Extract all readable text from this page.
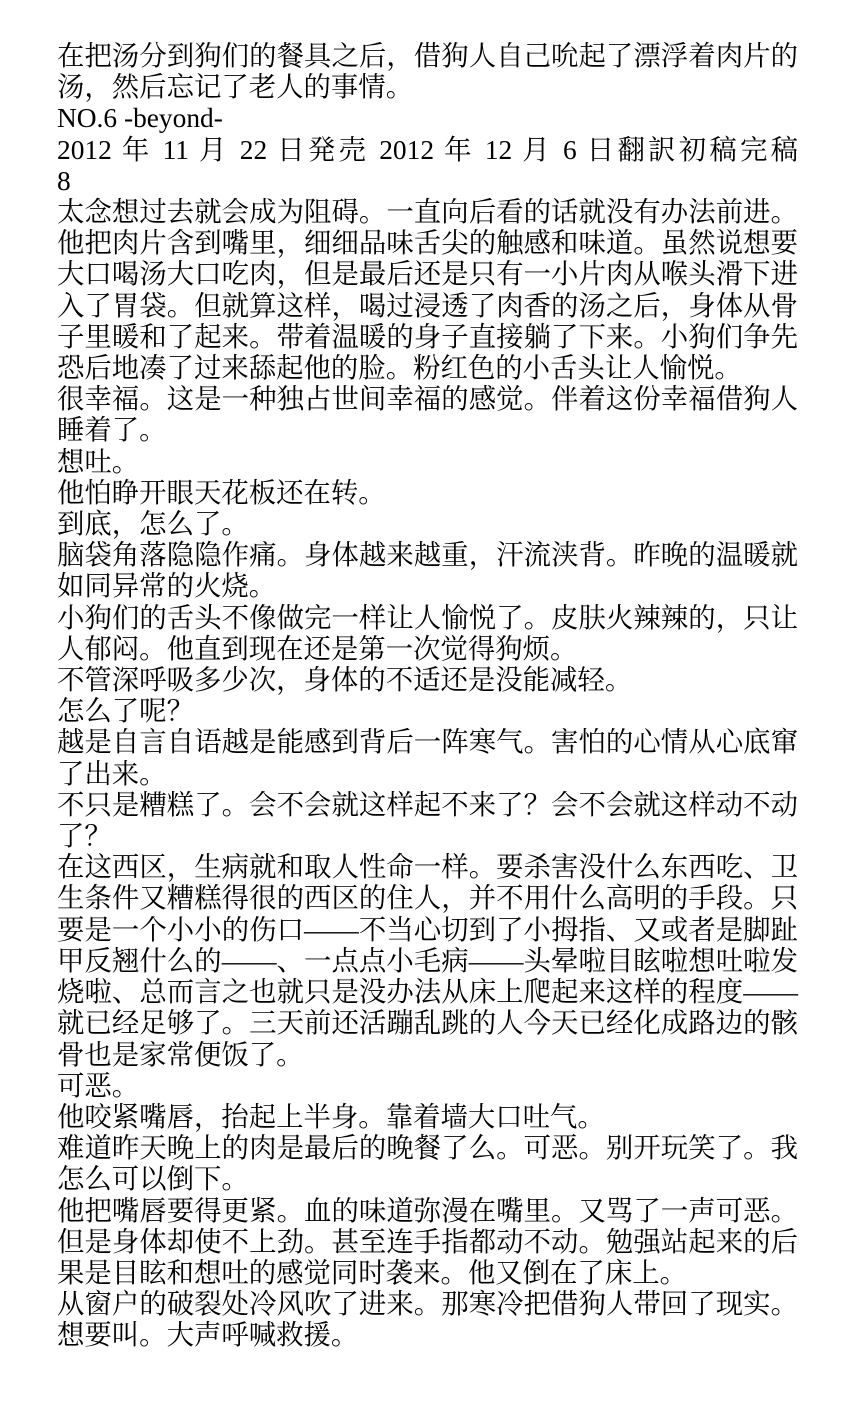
在把汤分到狗们的餐具之后，借狗人自己吮起了漂浮着肉片的
汤，然后忘记了老人的事情。
NO.6 -beyond-
2012 年 11 月 22 日発売 2012 年 12 月 6 日翻訳初稿完稿
8
太念想过去就会成为阻碍。一直向后看的话就没有办法前进。
他把肉片含到嘴里，细细品味舌尖的触感和味道。虽然说想要
大口喝汤大口吃肉，但是最后还是只有一小片肉从喉头滑下进
入了胃袋。但就算这样，喝过浸透了肉香的汤之后，身体从骨
子里暖和了起来。带着温暖的身子直接躺了下来。小狗们争先
恐后地凑了过来舔起他的脸。粉红色的小舌头让人愉悦。
很幸福。这是一种独占世间幸福的感觉。伴着这份幸福借狗人
睡着了。
想吐。
他怕睁开眼天花板还在转。
到底，怎么了。
脑袋角落隐隐作痛。身体越来越重，汗流浃背。昨晚的温暖就
如同异常的火烧。
小狗们的舌头不像做完一样让人愉悦了。皮肤火辣辣的，只让
人郁闷。他直到现在还是第一次觉得狗烦。
不管深呼吸多少次，身体的不适还是没能减轻。
怎么了呢？
越是自言自语越是能感到背后一阵寒气。害怕的心情从心底窜
了出来。
不只是糟糕了。会不会就这样起不来了？会不会就这样动不动
了？
在这西区，生病就和取人性命一样。要杀害没什么东西吃、卫
生条件又糟糕得很的西区的住人，并不用什么高明的手段。只
要是一个小小的伤口——不当心切到了小拇指、又或者是脚趾
甲反翘什么的——、一点点小毛病——头晕啦目眩啦想吐啦发
烧啦、总而言之也就只是没办法从床上爬起来这样的程度——
就已经足够了。三天前还活蹦乱跳的人今天已经化成路边的骸
骨也是家常便饭了。
可恶。
他咬紧嘴唇，抬起上半身。靠着墙大口吐气。
难道昨天晚上的肉是最后的晚餐了么。可恶。别开玩笑了。我
怎么可以倒下。
他把嘴唇要得更紧。血的味道弥漫在嘴里。又骂了一声可恶。
但是身体却使不上劲。甚至连手指都动不动。勉强站起来的后
果是目眩和想吐的感觉同时袭来。他又倒在了床上。
从窗户的破裂处冷风吹了进来。那寒冷把借狗人带回了现实。
想要叫。大声呼喊救援。
